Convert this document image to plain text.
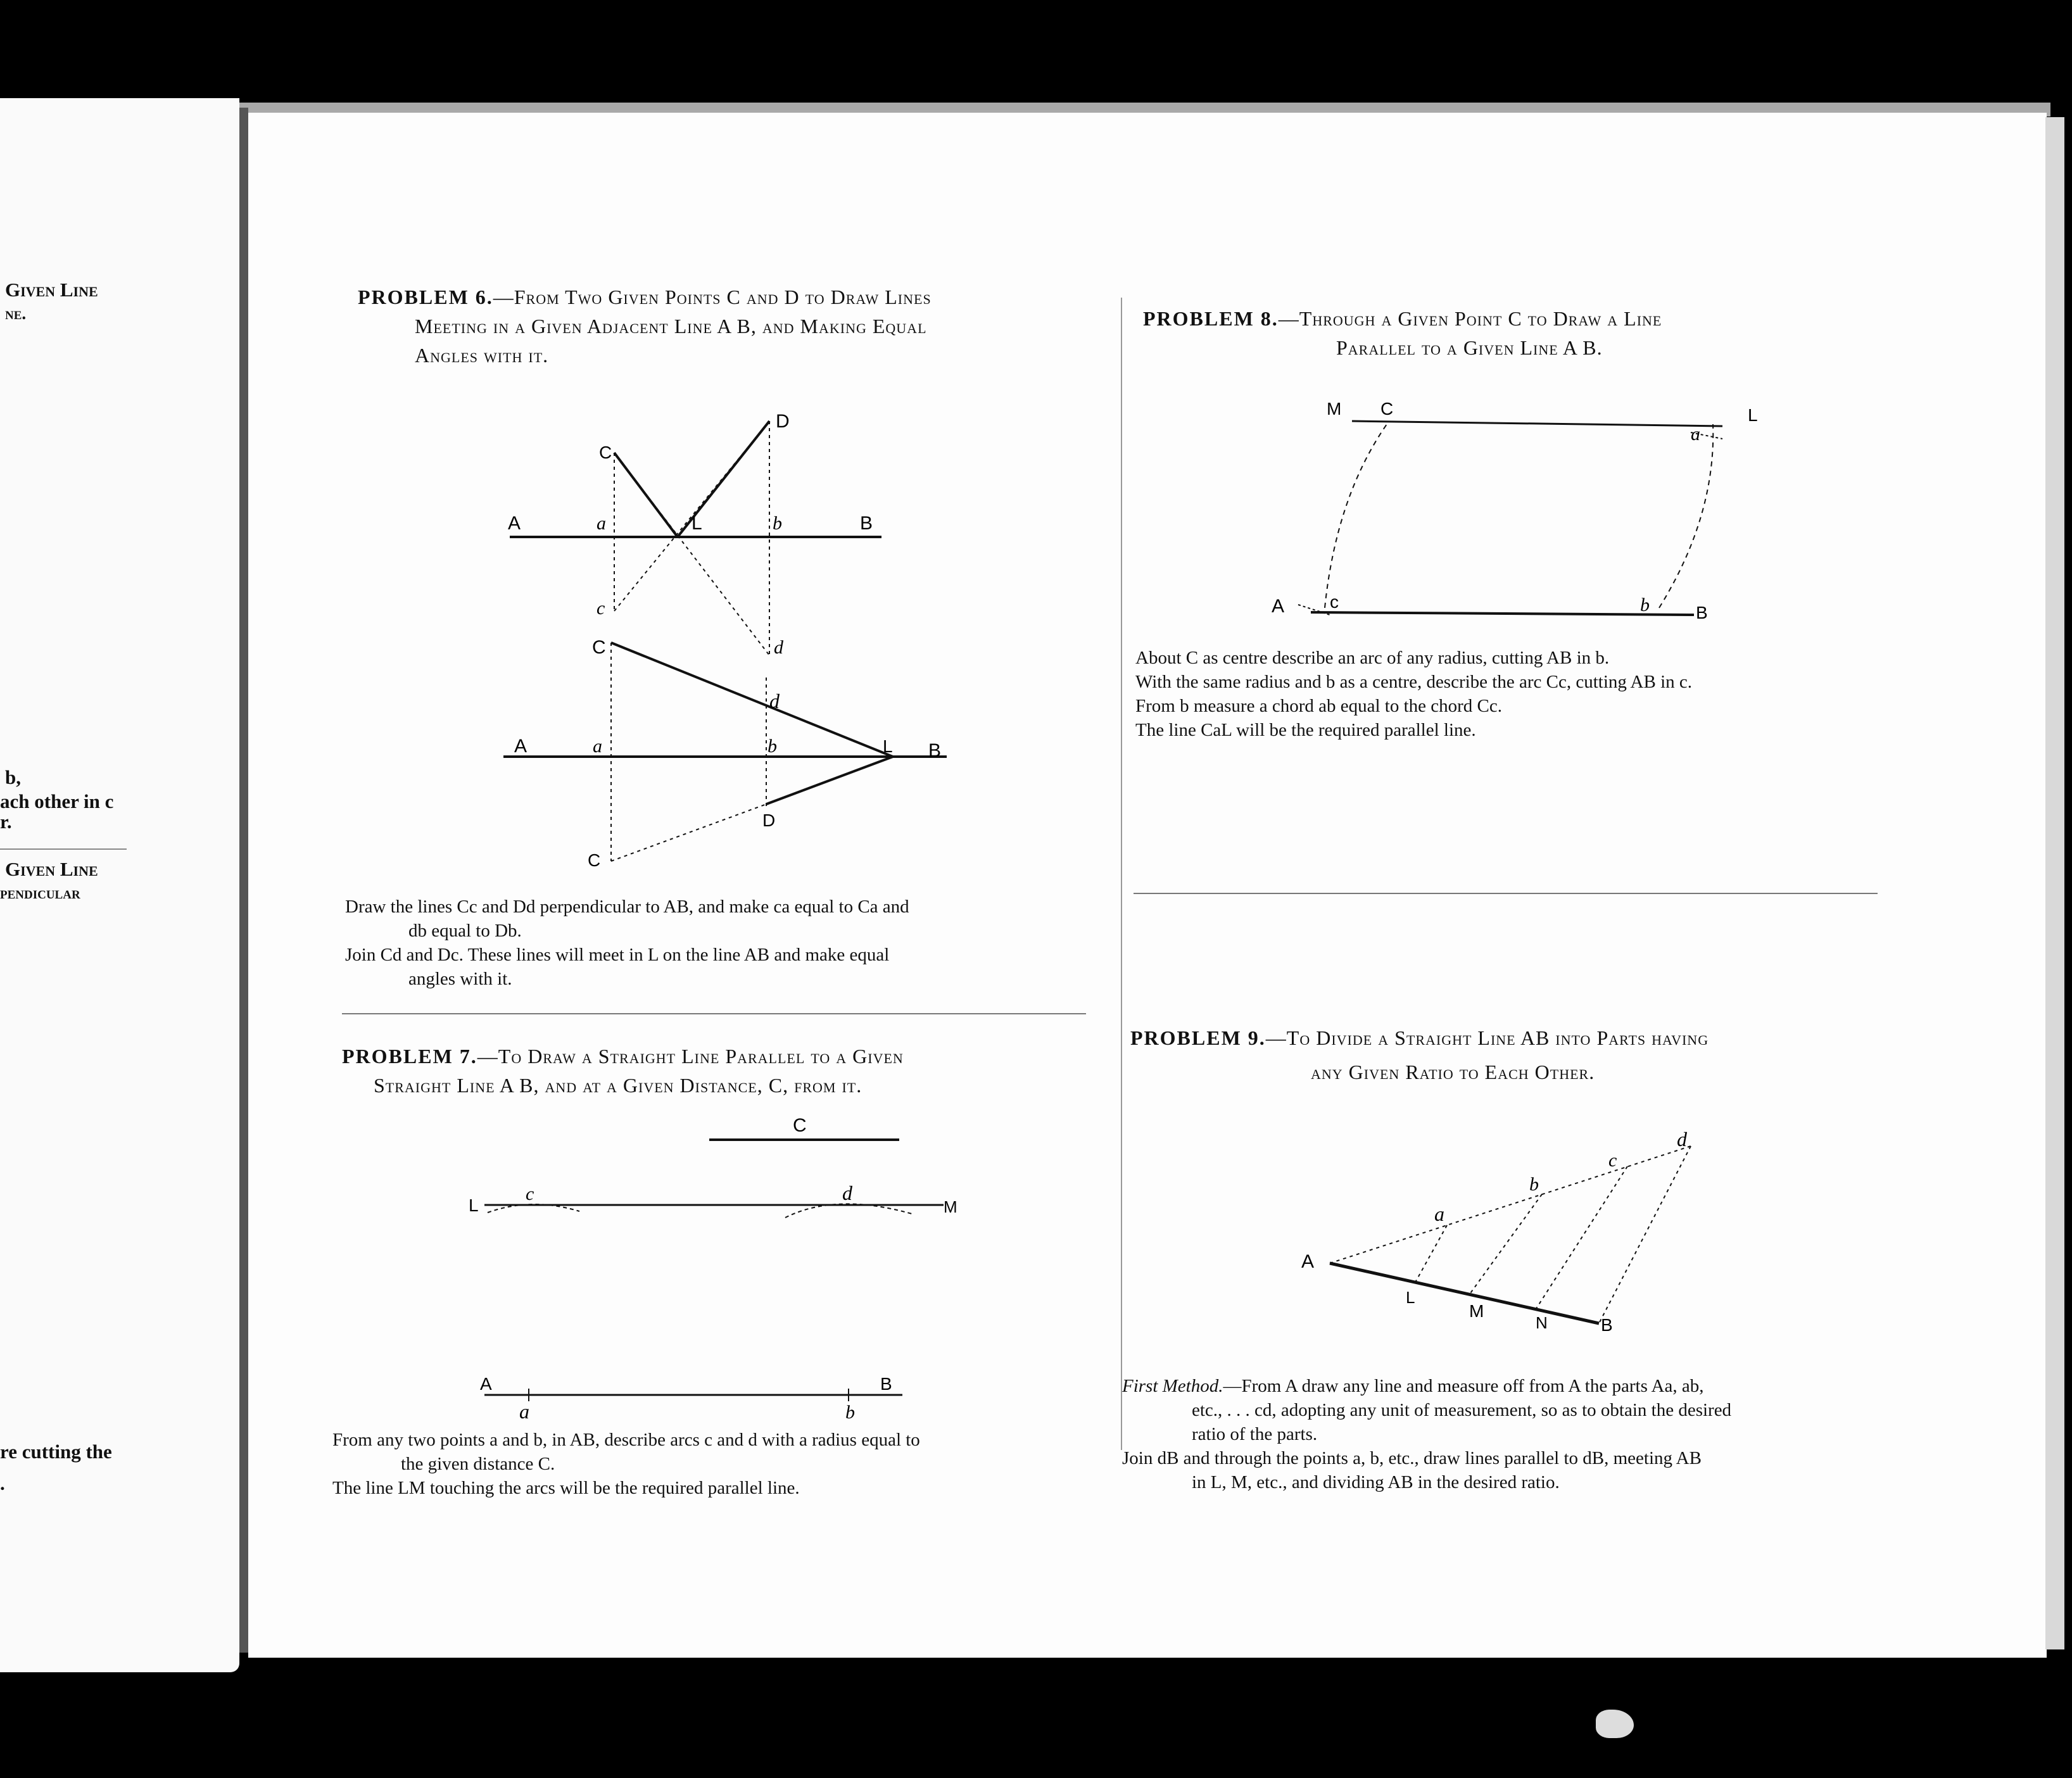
Given Line
ne.
b,
ach other in c
r.
Given Line
pendicular
re cutting the
.
PROBLEM 6.—From Two Given Points C and D to Draw Lines
Meeting in a Given Adjacent Line A B, and Making Equal
Angles with it.
A	a	L	b	B
C
D
c
d
A	a	b	L B
C
d
D
C
Draw the lines Cc and Dd perpendicular to AB, and make ca equal to Ca and
db equal to Db.
Join Cd and Dc. These lines will meet in L on the line AB and make equal
angles with it.
PROBLEM 7.—To Draw a Straight Line Parallel to a Given
Straight Line A B, and at a Given Distance, C, from it.
C
L
c	d
M
A
a	b
B
From any two points a and b, in AB, describe arcs c and d with a radius equal to
the given distance C.
The line LM touching the arcs will be the required parallel line.
PROBLEM 8.—Through a Given Point C to Draw a Line
Parallel to a Given Line A B.
M C
a
L
A	c	b	B
About C as centre describe an arc of any radius, cutting AB in b.
With the same radius and b as a centre, describe the arc Cc, cutting AB in c.
From b measure a chord ab equal to the chord Cc.
The line CaL will be the required parallel line.
PROBLEM 9.—To Divide a Straight Line AB into Parts having
any Given Ratio to Each Other.
A
a
b
c
d
L
M
N	B
First Method.—From A draw any line and measure off from A the parts Aa, ab,
etc., . . . cd, adopting any unit of measurement, so as to obtain the desired
ratio of the parts.
Join dB and through the points a, b, etc., draw lines parallel to dB, meeting AB
in L, M, etc., and dividing AB in the desired ratio.
